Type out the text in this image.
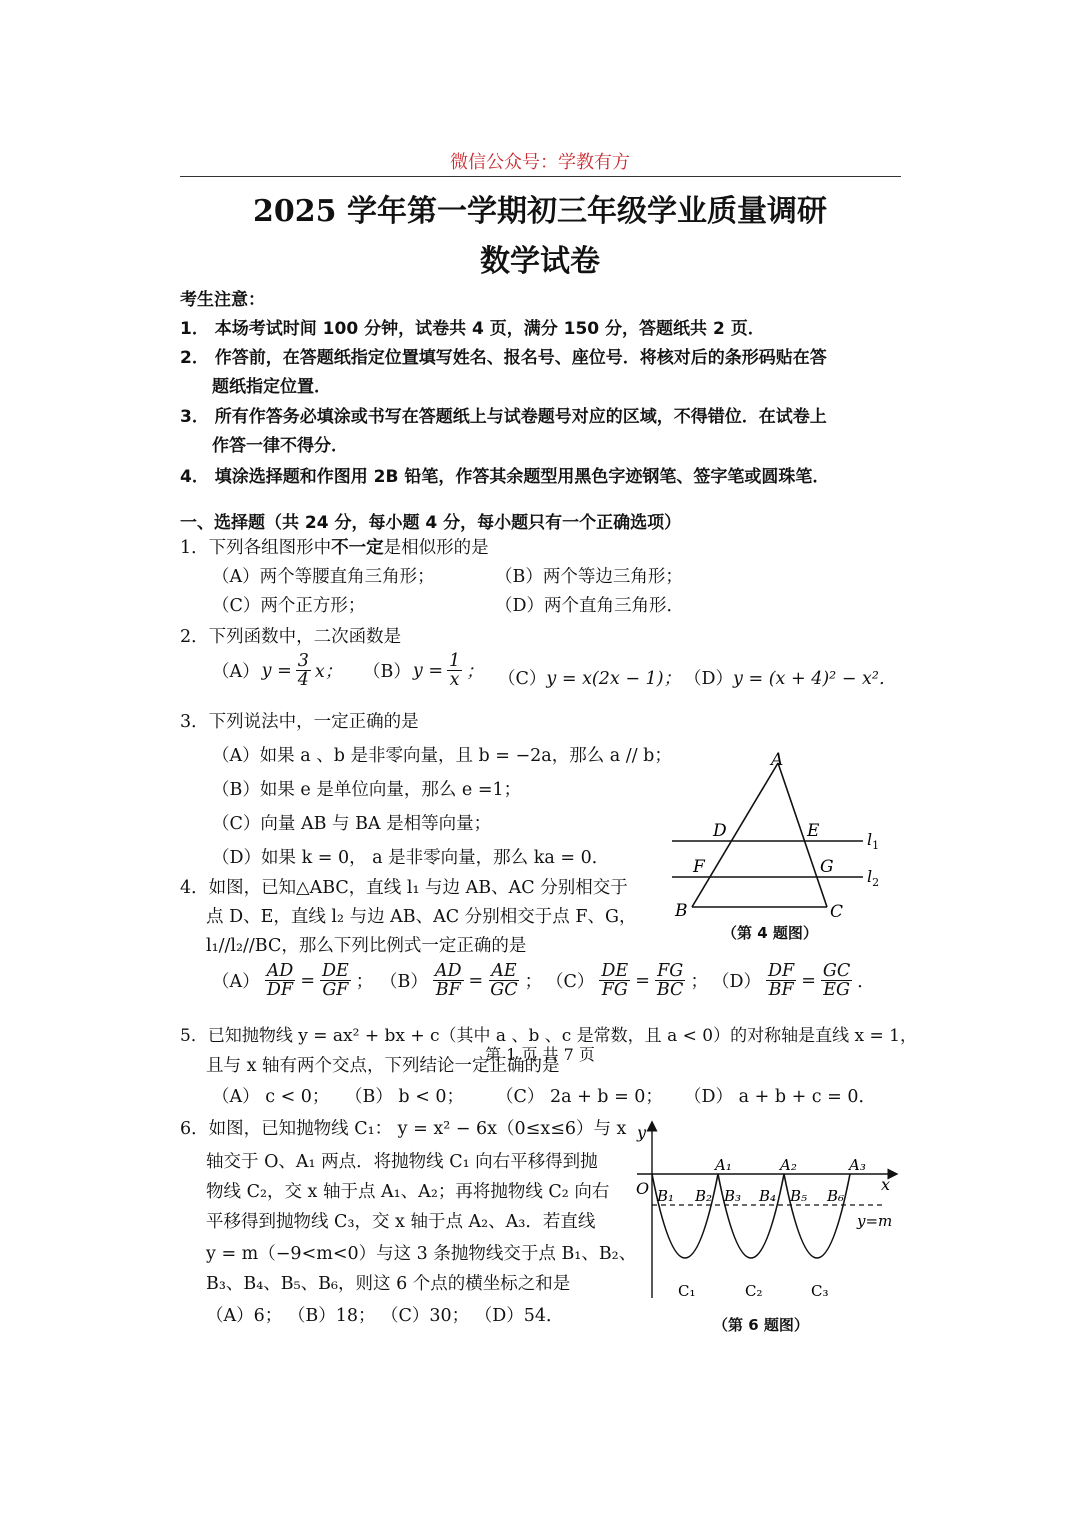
微信公众号：学教有方
2025 学年第一学期初三年级学业质量调研
数学试卷
考生注意：
1． 本场考试时间 100 分钟，试卷共 4 页，满分 150 分，答题纸共 2 页．
2． 作答前，在答题纸指定位置填写姓名、报名号、座位号．将核对后的条形码贴在答
题纸指定位置．
3． 所有作答务必填涂或书写在答题纸上与试卷题号对应的区域，不得错位．在试卷上
作答一律不得分．
4． 填涂选择题和作图用 2B 铅笔，作答其余题型用黑色字迹钢笔、签字笔或圆珠笔．
一、选择题（共 24 分，每小题 4 分，每小题只有一个正确选项）
1．下列各组图形中不一定是相似形的是
（A）两个等腰直角三角形；	（B）两个等边三角形；
（C）两个正方形；	（D）两个直角三角形．
2．下列函数中，二次函数是
（A） $y = \frac{3}{4}$ x； （B） $y = \frac{1}{x}$ ； （C）y = x(2x − 1)； （D）y = (x + 4)² − x²．
3．下列说法中，一定正确的是
（A）如果 a 、b 是非零向量，且 b = −2a，那么 a // b；
（B）如果 e 是单位向量，那么 e =1；
（C）向量 AB 与 BA 是相等向量；
（D）如果 k = 0， a 是非零向量，那么 ka = 0．
A
D	E
F	G
B	C
$l_1$
$l_2$
（第 4 题图）
4．如图，已知△ABC，直线 l₁ 与边 AB、AC 分别相交于
点 D、E，直线 l₂ 与边 AB、AC 分别相交于点 F、G，
l₁//l₂//BC，那么下列比例式一定正确的是
$(A) \frac{AD}{DF} = \frac{DE}{GF}$ ； $(B) \frac{AD}{BF} = \frac{AE}{GC}$ ； $(C) \frac{DE}{FG} = \frac{FG}{BC}$ ； $(D) \frac{DF}{BF} = \frac{GC}{EG}$ ．
5．已知抛物线 y = ax² + bx + c（其中 a 、b 、c 是常数，且 a < 0）的对称轴是直线 x = 1，
且与 x 轴有两个交点，下列结论一定正确的是
（A） c < 0； （B） b < 0； （C） 2a + b = 0； （D） a + b + c = 0．
6．如图，已知抛物线 C₁： y = x² − 6x（0≤x≤6）与 x
轴交于 O、A₁ 两点．将抛物线 C₁ 向右平移得到抛
物线 C₂，交 x 轴于点 A₁、A₂；再将抛物线 C₂ 向右
平移得到抛物线 C₃，交 x 轴于点 A₂、A₃．若直线
y = m（−9<m<0）与这 3 条抛物线交于点 B₁、B₂、
B₃、B₄、B₅、B₆，则这 6 个点的横坐标之和是
（A）6； （B）18； （C）30； （D）54．
y
x
O
A₁	A₂	A₃
B₁ B₂ B₃ B₄ B₅ B₆
y=m
C₁	C₂	C₃
（第 6 题图）
第 1 页 共 7 页
